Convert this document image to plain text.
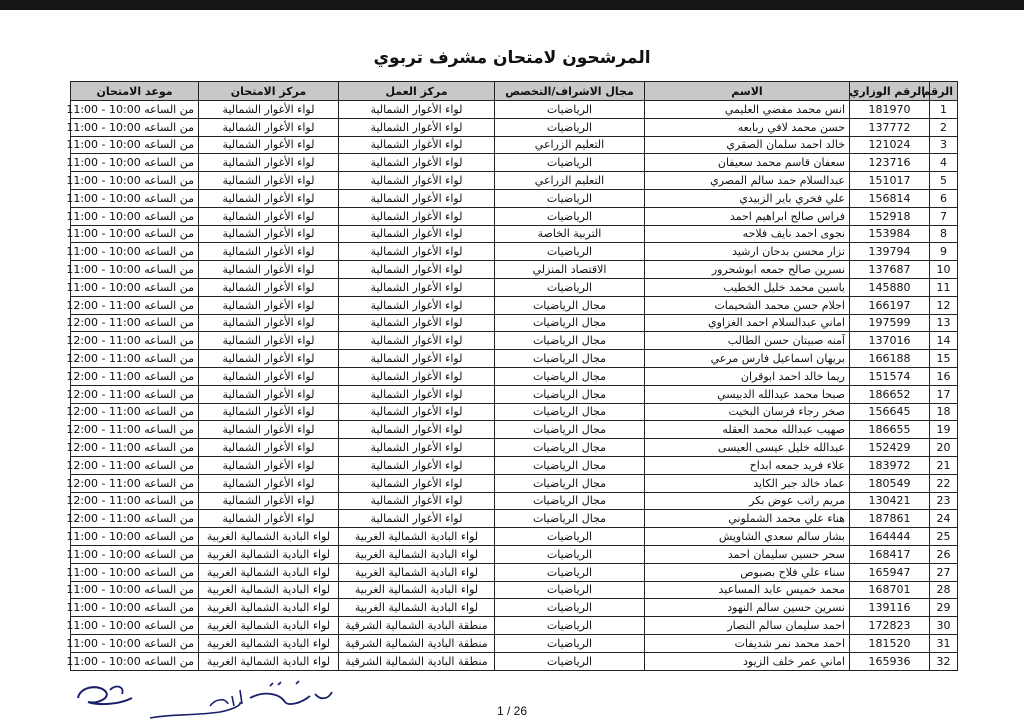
المرشحون لامتحان مشرف تربوي
الرقم	الرقم الوزاري	الاسم	مجال الاشراف/التخصص	مركز العمل	مركز الامتحان	موعد الامتحان
1	181970	انس محمد مفضي العليمي	الرياضيات	لواء الأغوار الشمالية	لواء الأغوار الشمالية	من الساعه 10:00 - 11:00
2	137772	حسن محمد لافي ربابعه	الرياضيات	لواء الأغوار الشمالية	لواء الأغوار الشمالية	من الساعه 10:00 - 11:00
3	121024	خالد احمد سلمان الصقري	التعليم الزراعي	لواء الأغوار الشمالية	لواء الأغوار الشمالية	من الساعه 10:00 - 11:00
4	123716	سعفان قاسم محمد سعيفان	الرياضيات	لواء الأغوار الشمالية	لواء الأغوار الشمالية	من الساعه 10:00 - 11:00
5	151017	عبدالسلام حمد سالم المصري	التعليم الزراعي	لواء الأغوار الشمالية	لواء الأغوار الشمالية	من الساعه 10:00 - 11:00
6	156814	علي فخري باير الزبيدي	الرياضيات	لواء الأغوار الشمالية	لواء الأغوار الشمالية	من الساعه 10:00 - 11:00
7	152918	فراس صالح ابراهيم احمد	الرياضيات	لواء الأغوار الشمالية	لواء الأغوار الشمالية	من الساعه 10:00 - 11:00
8	153984	نجوى احمد نايف فلاحه	التربية الخاصة	لواء الأغوار الشمالية	لواء الأغوار الشمالية	من الساعه 10:00 - 11:00
9	139794	نزار محسن بدحان ارشيد	الرياضيات	لواء الأغوار الشمالية	لواء الأغوار الشمالية	من الساعه 10:00 - 11:00
10	137687	نسرين صالح جمعه ابوشحرور	الاقتصاد المنزلي	لواء الأغوار الشمالية	لواء الأغوار الشمالية	من الساعه 10:00 - 11:00
11	145880	ياسين محمد خليل الخطيب	الرياضيات	لواء الأغوار الشمالية	لواء الأغوار الشمالية	من الساعه 10:00 - 11:00
12	166197	احلام حسن محمد الشحيمات	مجال الرياضيات	لواء الأغوار الشمالية	لواء الأغوار الشمالية	من الساعه 11:00 - 12:00
13	197599	اماني عبدالسلام احمد الغزاوي	مجال الرياضيات	لواء الأغوار الشمالية	لواء الأغوار الشمالية	من الساعه 11:00 - 12:00
14	137016	آمنه صبيتان حسن الطالب	مجال الرياضيات	لواء الأغوار الشمالية	لواء الأغوار الشمالية	من الساعه 11:00 - 12:00
15	166188	بريهان اسماعيل فارس مرعي	مجال الرياضيات	لواء الأغوار الشمالية	لواء الأغوار الشمالية	من الساعه 11:00 - 12:00
16	151574	ريما خالد احمد ابوقران	مجال الرياضيات	لواء الأغوار الشمالية	لواء الأغوار الشمالية	من الساعه 11:00 - 12:00
17	186652	صبحا محمد عبدالله الدبيسي	مجال الرياضيات	لواء الأغوار الشمالية	لواء الأغوار الشمالية	من الساعه 11:00 - 12:00
18	156645	صخر رجاء فرسان البخيت	مجال الرياضيات	لواء الأغوار الشمالية	لواء الأغوار الشمالية	من الساعه 11:00 - 12:00
19	186655	صهيب عبدالله محمد العقله	مجال الرياضيات	لواء الأغوار الشمالية	لواء الأغوار الشمالية	من الساعه 11:00 - 12:00
20	152429	عبدالله خليل عيسى العيسى	مجال الرياضيات	لواء الأغوار الشمالية	لواء الأغوار الشمالية	من الساعه 11:00 - 12:00
21	183972	علاء فريد جمعه ابداح	مجال الرياضيات	لواء الأغوار الشمالية	لواء الأغوار الشمالية	من الساعه 11:00 - 12:00
22	180549	عماد خالد جبر الكايد	مجال الرياضيات	لواء الأغوار الشمالية	لواء الأغوار الشمالية	من الساعه 11:00 - 12:00
23	130421	مريم راتب عوض بكر	مجال الرياضيات	لواء الأغوار الشمالية	لواء الأغوار الشمالية	من الساعه 11:00 - 12:00
24	187861	هناء علي محمد الشملوني	مجال الرياضيات	لواء الأغوار الشمالية	لواء الأغوار الشمالية	من الساعه 11:00 - 12:00
25	164444	بشار سالم سعدي الشاويش	الرياضيات	لواء البادية الشمالية الغربية	لواء البادية الشمالية الغربية	من الساعه 10:00 - 11:00
26	168417	سحر حسين سليمان احمد	الرياضيات	لواء البادية الشمالية الغربية	لواء البادية الشمالية الغربية	من الساعه 10:00 - 11:00
27	165947	سناء علي فلاح بصبوص	الرياضيات	لواء البادية الشمالية الغربية	لواء البادية الشمالية الغربية	من الساعه 10:00 - 11:00
28	168701	محمد خميس عابد المساعيد	الرياضيات	لواء البادية الشمالية الغربية	لواء البادية الشمالية الغربية	من الساعه 10:00 - 11:00
29	139116	نسرين حسين سالم النهود	الرياضيات	لواء البادية الشمالية الغربية	لواء البادية الشمالية الغربية	من الساعه 10:00 - 11:00
30	172823	احمد سليمان سالم النصار	الرياضيات	منطقة البادية الشمالية الشرقية	لواء البادية الشمالية الغربية	من الساعه 10:00 - 11:00
31	181520	احمد محمد نمر شديفات	الرياضيات	منطقة البادية الشمالية الشرقية	لواء البادية الشمالية الغربية	من الساعه 10:00 - 11:00
32	165936	اماني عمر خلف الزيود	الرياضيات	منطقة البادية الشمالية الشرقية	لواء البادية الشمالية الغربية	من الساعه 10:00 - 11:00
1 / 26
